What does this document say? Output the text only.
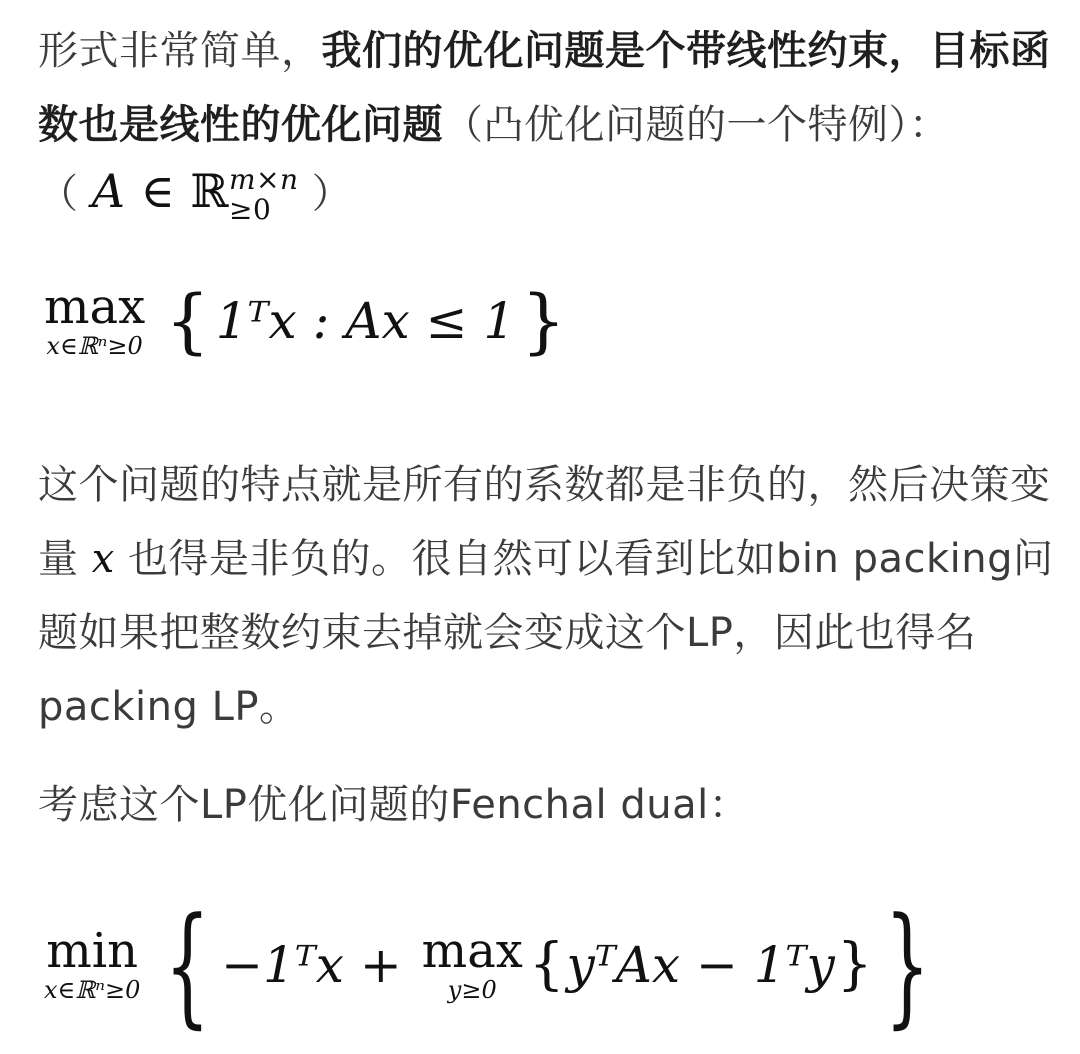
形式非常简单，我们的优化问题是个带线性约束，目标函数也是线性的优化问题（凸优化问题的一个特例）：

（ A ∈ ℝ m×n
≥0 ）
max
x∈ℝⁿ≥0 { 1ᵀx : Ax ≤ 1 }

这个问题的特点就是所有的系数都是非负的，然后决策变量 x 也得是非负的。很自然可以看到比如bin packing问题如果把整数约束去掉就会变成这个LP，因此也得名packing LP。

考虑这个LP优化问题的Fenchal dual：

min
x∈ℝⁿ≥0 { −1ᵀx + max
y≥0 { yᵀAx − 1ᵀy } }
